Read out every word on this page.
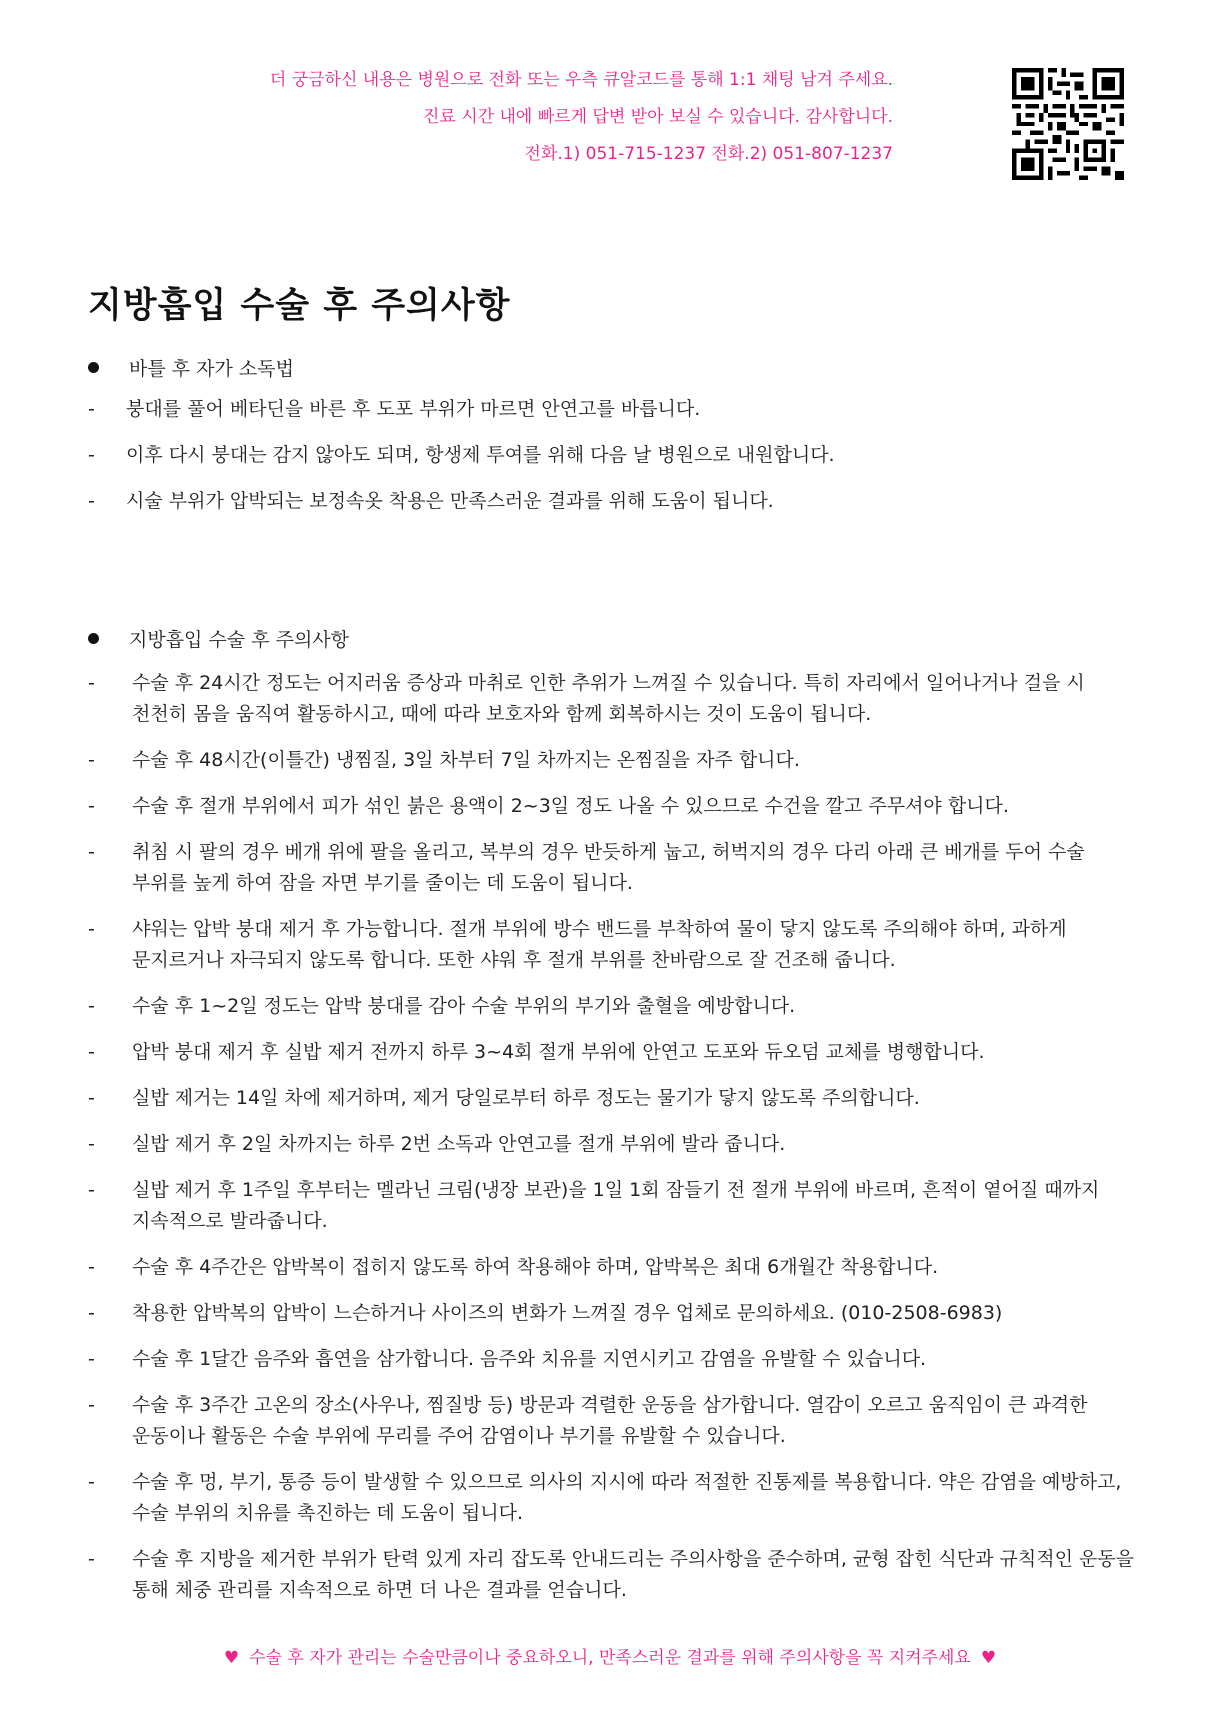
더 궁금하신 내용은 병원으로 전화 또는 우측 큐알코드를 통해 1:1 채팅 남겨 주세요.
진료 시간 내에 빠르게 답변 받아 보실 수 있습니다. 감사합니다.
전화.1) 051-715-1237 전화.2) 051-807-1237
지방흡입 수술 후 주의사항
바틀 후 자가 소독법
- 붕대를 풀어 베타딘을 바른 후 도포 부위가 마르면 안연고를 바릅니다.
- 이후 다시 붕대는 감지 않아도 되며, 항생제 투여를 위해 다음 날 병원으로 내원합니다.
- 시술 부위가 압박되는 보정속옷 착용은 만족스러운 결과를 위해 도움이 됩니다.
지방흡입 수술 후 주의사항
- 수술 후 24시간 정도는 어지러움 증상과 마취로 인한 추위가 느껴질 수 있습니다. 특히 자리에서 일어나거나 걸을 시 천천히 몸을 움직여 활동하시고, 때에 따라 보호자와 함께 회복하시는 것이 도움이 됩니다.
- 수술 후 48시간(이틀간) 냉찜질, 3일 차부터 7일 차까지는 온찜질을 자주 합니다.
- 수술 후 절개 부위에서 피가 섞인 붉은 용액이 2~3일 정도 나올 수 있으므로 수건을 깔고 주무셔야 합니다.
- 취침 시 팔의 경우 베개 위에 팔을 올리고, 복부의 경우 반듯하게 눕고, 허벅지의 경우 다리 아래 큰 베개를 두어 수술 부위를 높게 하여 잠을 자면 부기를 줄이는 데 도움이 됩니다.
- 샤워는 압박 붕대 제거 후 가능합니다. 절개 부위에 방수 밴드를 부착하여 물이 닿지 않도록 주의해야 하며, 과하게 문지르거나 자극되지 않도록 합니다. 또한 샤워 후 절개 부위를 찬바람으로 잘 건조해 줍니다.
- 수술 후 1~2일 정도는 압박 붕대를 감아 수술 부위의 부기와 출혈을 예방합니다.
- 압박 붕대 제거 후 실밥 제거 전까지 하루 3~4회 절개 부위에 안연고 도포와 듀오덤 교체를 병행합니다.
- 실밥 제거는 14일 차에 제거하며, 제거 당일로부터 하루 정도는 물기가 닿지 않도록 주의합니다.
- 실밥 제거 후 2일 차까지는 하루 2번 소독과 안연고를 절개 부위에 발라 줍니다.
- 실밥 제거 후 1주일 후부터는 멜라닌 크림(냉장 보관)을 1일 1회 잠들기 전 절개 부위에 바르며, 흔적이 옅어질 때까지 지속적으로 발라줍니다.
- 수술 후 4주간은 압박복이 접히지 않도록 하여 착용해야 하며, 압박복은 최대 6개월간 착용합니다.
- 착용한 압박복의 압박이 느슨하거나 사이즈의 변화가 느껴질 경우 업체로 문의하세요. (010-2508-6983)
- 수술 후 1달간 음주와 흡연을 삼가합니다. 음주와 치유를 지연시키고 감염을 유발할 수 있습니다.
- 수술 후 3주간 고온의 장소(사우나, 찜질방 등) 방문과 격렬한 운동을 삼가합니다. 열감이 오르고 움직임이 큰 과격한 운동이나 활동은 수술 부위에 무리를 주어 감염이나 부기를 유발할 수 있습니다.
- 수술 후 멍, 부기, 통증 등이 발생할 수 있으므로 의사의 지시에 따라 적절한 진통제를 복용합니다. 약은 감염을 예방하고, 수술 부위의 치유를 촉진하는 데 도움이 됩니다.
- 수술 후 지방을 제거한 부위가 탄력 있게 자리 잡도록 안내드리는 주의사항을 준수하며, 균형 잡힌 식단과 규칙적인 운동을 통해 체중 관리를 지속적으로 하면 더 나은 결과를 얻습니다.
♥ 수술 후 자가 관리는 수술만큼이나 중요하오니, 만족스러운 결과를 위해 주의사항을 꼭 지켜주세요 ♥
